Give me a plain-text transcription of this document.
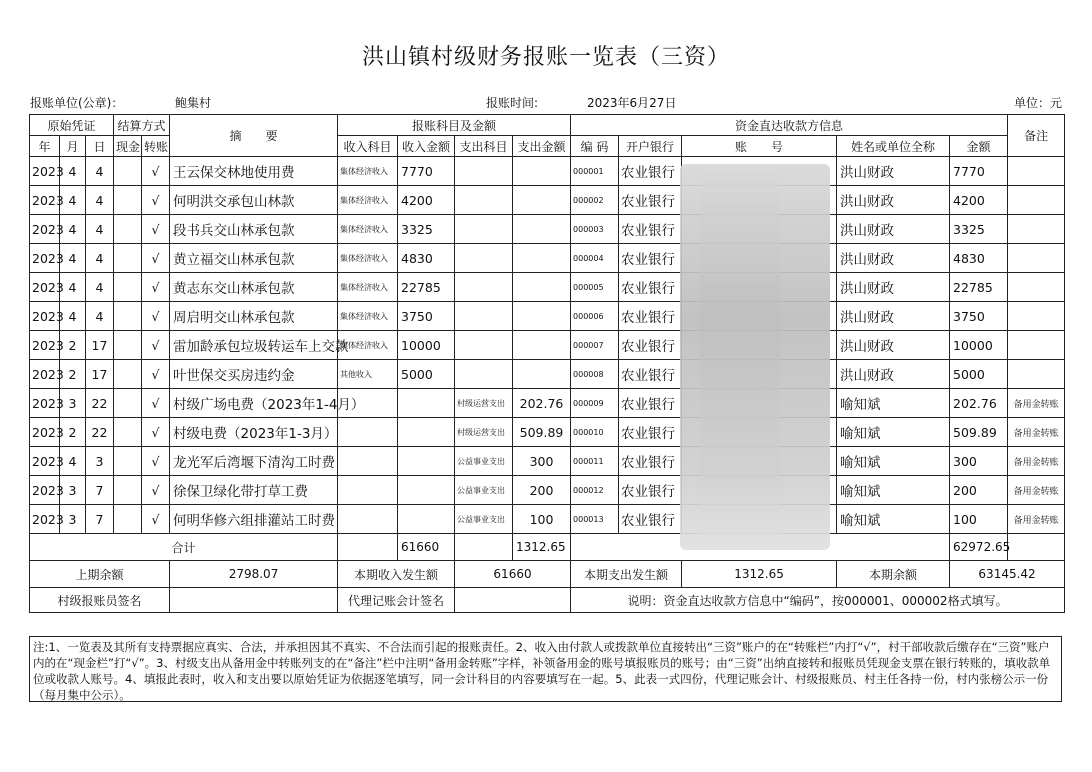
洪山镇村级财务报账一览表（三资）
报账单位(公章)：	鲍集村	报账时间:	2023年6月27日	单位：元
原始凭证			结算方式		摘　　要	报账科目及金额				资金直达收款方信息					备注
年	月	日	现金	转账		收入科目	收入金额	支出科目	支出金额	编 码	开户银行	账　　号	姓名或单位全称	金额	
2023	4	4		√	王云保交林地使用费	集体经济收入	7770			000001	农业银行		洪山财政	7770	
2023	4	4		√	何明洪交承包山林款	集体经济收入	4200			000002	农业银行		洪山财政	4200	
2023	4	4		√	段书兵交山林承包款	集体经济收入	3325			000003	农业银行		洪山财政	3325	
2023	4	4		√	黄立福交山林承包款	集体经济收入	4830			000004	农业银行		洪山财政	4830	
2023	4	4		√	黄志东交山林承包款	集体经济收入	22785			000005	农业银行		洪山财政	22785	
2023	4	4		√	周启明交山林承包款	集体经济收入	3750			000006	农业银行		洪山财政	3750	
2023	2	17		√	雷加龄承包垃圾转运车上交款	集体经济收入	10000			000007	农业银行		洪山财政	10000	
2023	2	17		√	叶世保交买房违约金	其他收入	5000			000008	农业银行		洪山财政	5000	
2023	3	22		√	村级广场电费（2023年1-4月）			村级运营支出	202.76	000009	农业银行		喻知斌	202.76	备用金转账
2023	2	22		√	村级电费（2023年1-3月）			村级运营支出	509.89	000010	农业银行		喻知斌	509.89	备用金转账
2023	4	3		√	龙光军后湾堰下清沟工时费			公益事业支出	300	000011	农业银行		喻知斌	300	备用金转账
2023	3	7		√	徐保卫绿化带打草工费			公益事业支出	200	000012	农业银行		喻知斌	200	备用金转账
2023	3	7		√	何明华修六组排灌站工时费			公益事业支出	100	000013	农业银行		喻知斌	100	备用金转账
合计							61660		1312.65					62972.65	
上期余额					2798.07	本期收入发生额		61660		本期支出发生额		1312.65	本期余额	63145.42	
村级报账员签名						代理记账会计签名				说明：资金直达收款方信息中“编码”，按000001、000002格式填写。					
注:1、一览表及其所有支持票据应真实、合法，并承担因其不真实、不合法而引起的报账责任。2、收入由付款人或拨款单位直接转出“三资”账户的在“转账栏”内打“√”，村干部收款后缴存在“三资”账户内的在“现金栏”打“√”。3、村级支出从备用金中转账列支的在“备注”栏中注明“备用金转账”字样，补领备用金的账号填报账员的账号；由“三资”出纳直接转和报账员凭现金支票在银行转账的，填收款单位或收款人账号。4、填报此表时，收入和支出要以原始凭证为依据逐笔填写，同一会计科目的内容要填写在一起。5、此表一式四份，代理记账会计、村级报账员、村主任各持一份，村内张榜公示一份（每月集中公示）。
